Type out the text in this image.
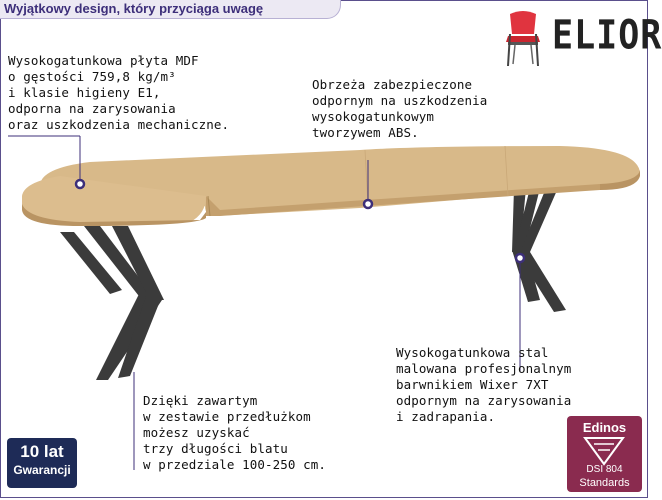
Wyjątkowy design, który przyciąga uwagę
ELIOR
Wysokogatunkowa płyta MDF
o gęstości 759,8 kg/m³
i klasie higieny E1,
odporna na zarysowania
oraz uszkodzenia mechaniczne.
Obrzeża zabezpieczone
odpornym na uszkodzenia
wysokogatunkowym
tworzywem ABS.
Wysokogatunkowa stal
malowana profesjonalnym
barwnikiem Wixer 7XT
odpornym na zarysowania
i zadrapania.
Dzięki zawartym
w zestawie przedłużkom
możesz uzyskać
trzy długości blatu
w przedziale 100-250 cm.
10 lat
Gwarancji
Edinos
DSI 804
Standards
